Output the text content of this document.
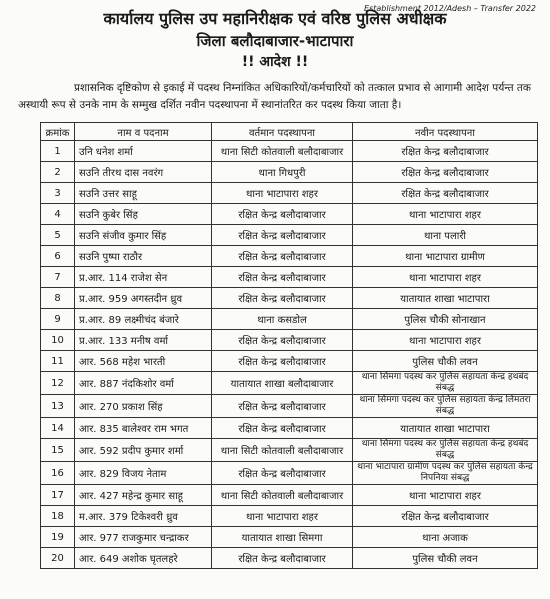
Establishment 2012/Adesh – Transfer 2022
कार्यालय पुलिस उप महानिरीक्षक एवं वरिष्ठ पुलिस अधीक्षक
जिला बलौदाबाजार-भाटापारा
!! आदेश !!
प्रशासनिक दृष्टिकोण से इकाई में पदस्थ निम्नांकित अधिकारियों/कर्मचारियों को तत्काल प्रभाव से आगामी आदेश पर्यन्त तक अस्थायी रूप से उनके नाम के सम्मुख दर्शित नवीन पदस्थापना में स्थानांतरित कर पदस्थ किया जाता है।
क्रमांक	नाम व पदनाम	वर्तमान पदस्थापना	नवीन पदस्थापना
1	उनि धनेश शर्मा	थाना सिटी कोतवाली बलौदाबाजार	रक्षित केन्द्र बलौदाबाजार
2	सउनि तीरथ दास नवरंग	थाना गिधपुरी	रक्षित केन्द्र बलौदाबाजार
3	सउनि उत्तर साहू	थाना भाटापारा शहर	रक्षित केन्द्र बलौदाबाजार
4	सउनि कुबेर सिंह	रक्षित केन्द्र बलौदाबाजार	थाना भाटापारा शहर
5	सउनि संजीव कुमार सिंह	रक्षित केन्द्र बलौदाबाजार	थाना पलारी
6	सउनि पुष्पा राठौर	रक्षित केन्द्र बलौदाबाजार	थाना भाटापारा ग्रामीण
7	प्र.आर. 114 राजेश सेन	रक्षित केन्द्र बलौदाबाजार	थाना भाटापारा शहर
8	प्र.आर. 959 अगस्तदीन ध्रुव	रक्षित केन्द्र बलौदाबाजार	यातायात शाखा भाटापारा
9	प्र.आर. 89 लक्ष्मीचंद बंजारे	थाना कसडोल	पुलिस चौकी सोनाखान
10	प्र.आर. 133 मनीष वर्मा	रक्षित केन्द्र बलौदाबाजार	थाना भाटापारा शहर
11	आर. 568 महेश भारती	रक्षित केन्द्र बलौदाबाजार	पुलिस चौकी लवन
12	आर. 887 नंदकिशोर वर्मा	यातायात शाखा बलौदाबाजार	थाना सिमगा पदस्थ कर पुलिस सहायता केन्द्र हथबंद संबद्ध
13	आर. 270 प्रकाश सिंह	रक्षित केन्द्र बलौदाबाजार	थाना सिमगा पदस्थ कर पुलिस सहायता केन्द्र लिमतरा संबद्ध
14	आर. 835 बालेश्वर राम भगत	रक्षित केन्द्र बलौदाबाजार	यातायात शाखा भाटापारा
15	आर. 592 प्रदीप कुमार शर्मा	थाना सिटी कोतवाली बलौदाबाजार	थाना सिमगा पदस्थ कर पुलिस सहायता केन्द्र हथबंद संबद्ध
16	आर. 829 विजय नेताम	रक्षित केन्द्र बलौदाबाजार	थाना भाटापारा ग्रामीण पदस्थ कर पुलिस सहायता केन्द्र निपनिया संबद्ध
17	आर. 427 महेन्द्र कुमार साहू	थाना सिटी कोतवाली बलौदाबाजार	थाना भाटापारा शहर
18	म.आर. 379 टिकेश्वरी ध्रुव	थाना भाटापारा शहर	रक्षित केन्द्र बलौदाबाजार
19	आर. 977 राजकुमार चन्द्राकर	यातायात शाखा सिमगा	थाना अजाक
20	आर. 649 अशोक घृतलहरे	रक्षित केन्द्र बलौदाबाजार	पुलिस चौकी लवन
